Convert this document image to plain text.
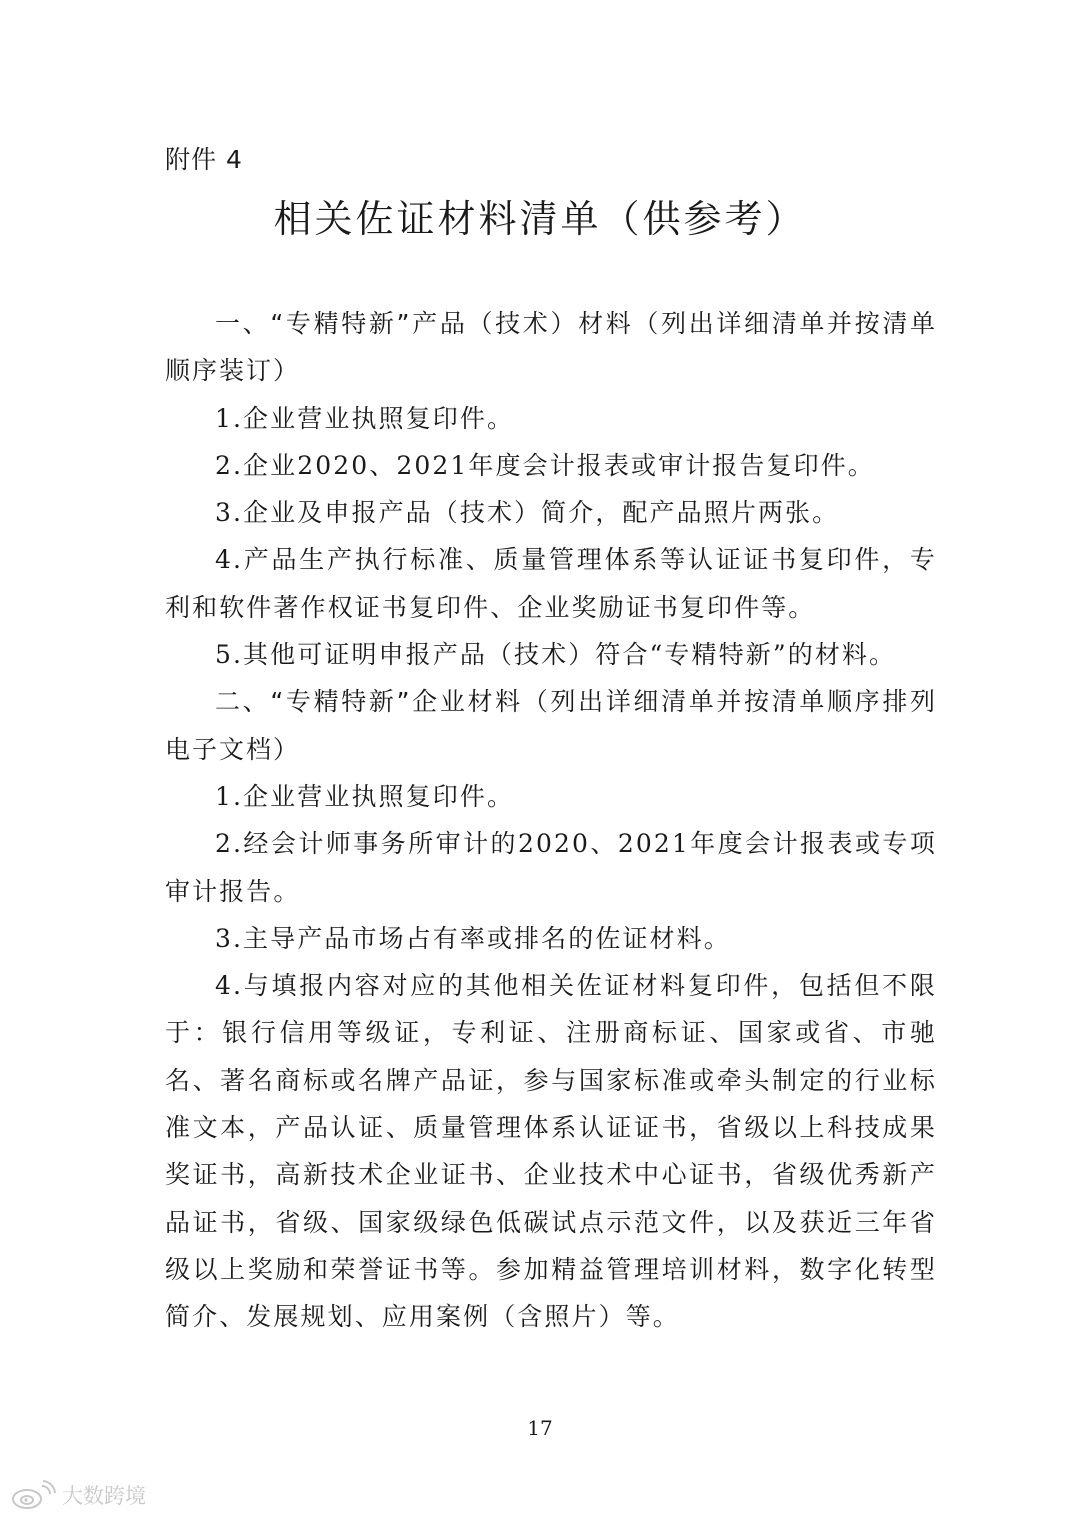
附件 4
相关佐证材料清单（供参考）

一、“专精特新”产品（技术）材料（列出详细清单并按清单顺序装订）

1.企业营业执照复印件。

2.企业2020、2021年度会计报表或审计报告复印件。

3.企业及申报产品（技术）简介，配产品照片两张。

4.产品生产执行标准、质量管理体系等认证证书复印件，专利和软件著作权证书复印件、企业奖励证书复印件等。

5.其他可证明申报产品（技术）符合“专精特新”的材料。

二、“专精特新”企业材料（列出详细清单并按清单顺序排列电子文档）

1.企业营业执照复印件。

2.经会计师事务所审计的2020、2021年度会计报表或专项审计报告。

3.主导产品市场占有率或排名的佐证材料。

4.与填报内容对应的其他相关佐证材料复印件，包括但不限于：银行信用等级证，专利证、注册商标证、国家或省、市驰名、著名商标或名牌产品证，参与国家标准或牵头制定的行业标准文本，产品认证、质量管理体系认证证书，省级以上科技成果奖证书，高新技术企业证书、企业技术中心证书，省级优秀新产品证书，省级、国家级绿色低碳试点示范文件，以及获近三年省级以上奖励和荣誉证书等。参加精益管理培训材料，数字化转型简介、发展规划、应用案例（含照片）等。

17
大数跨境
